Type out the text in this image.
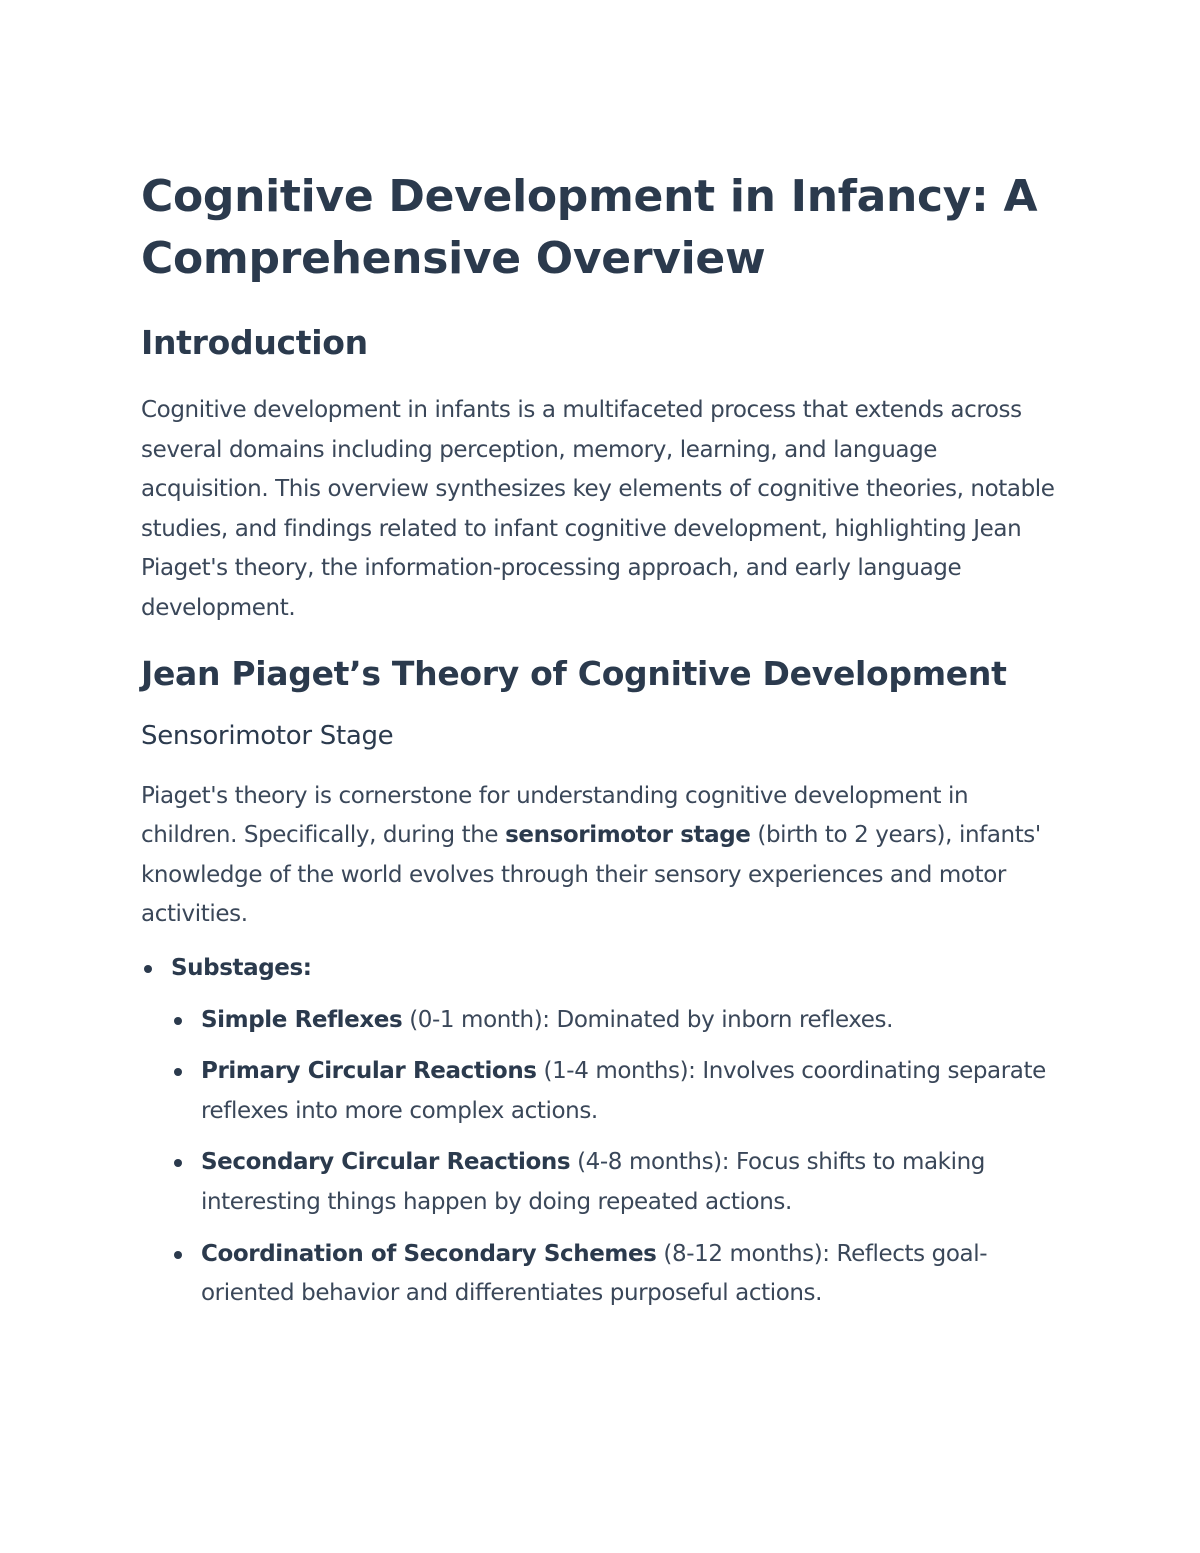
Cognitive Development in Infancy: A Comprehensive Overview
Introduction

Cognitive development in infants is a multifaceted process that extends across several domains including perception, memory, learning, and language acquisition. This overview synthesizes key elements of cognitive theories, notable studies, and findings related to infant cognitive development, highlighting Jean Piaget's theory, the information-processing approach, and early language development.

Jean Piaget’s Theory of Cognitive Development
Sensorimotor Stage

Piaget's theory is cornerstone for understanding cognitive development in children. Specifically, during the sensorimotor stage (birth to 2 years), infants' knowledge of the world evolves through their sensory experiences and motor activities.

Substages:
Simple Reflexes (0-1 month): Dominated by inborn reflexes.
Primary Circular Reactions (1-4 months): Involves coordinating separate reflexes into more complex actions.
Secondary Circular Reactions (4-8 months): Focus shifts to making interesting things happen by doing repeated actions.
Coordination of Secondary Schemes (8-12 months): Reflects goal-oriented behavior and differentiates purposeful actions.
